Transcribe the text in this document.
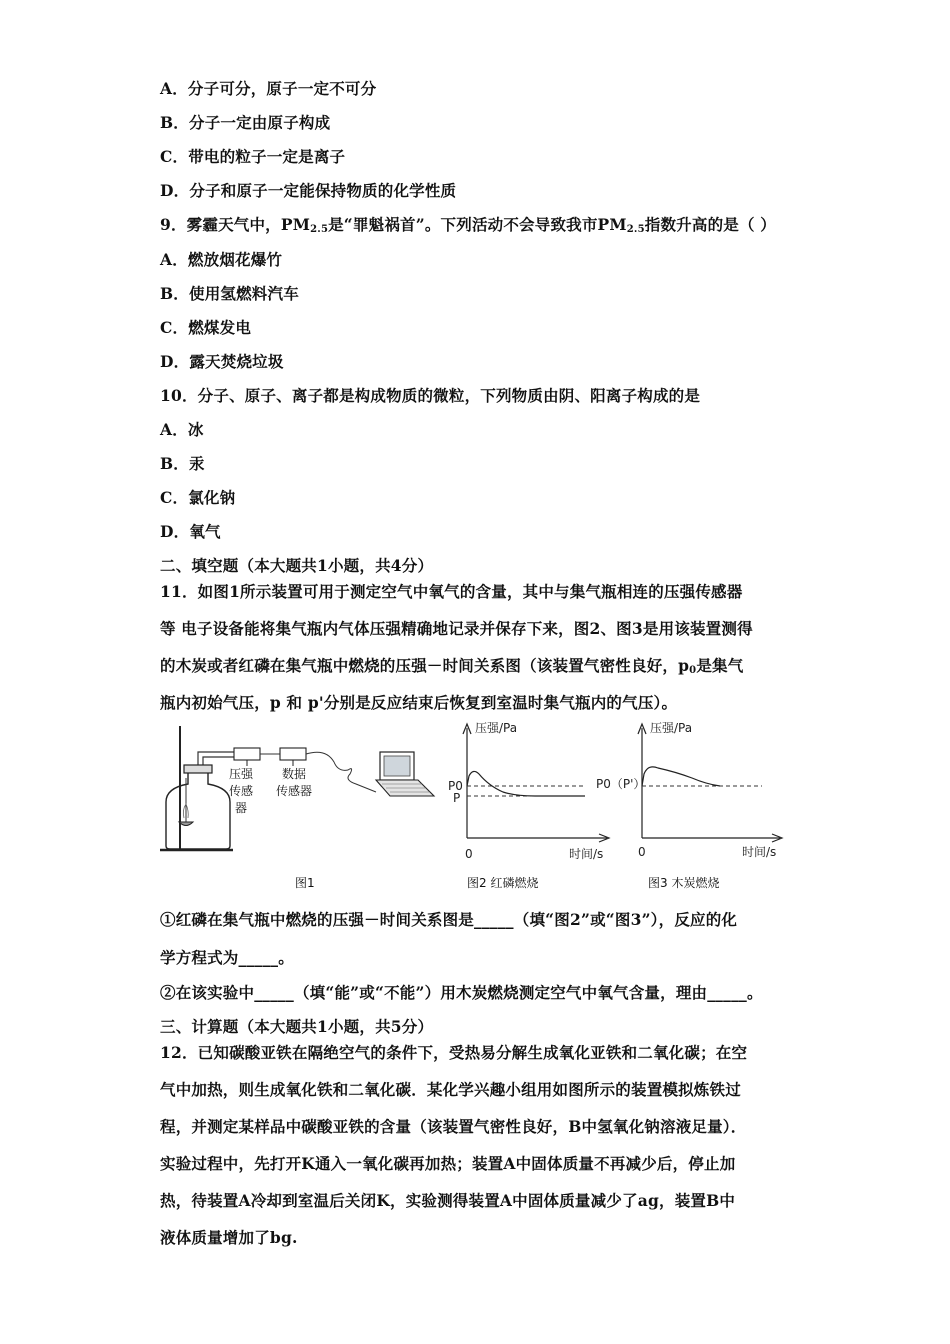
A．分子可分，原子一定不可分
B．分子一定由原子构成
C．带电的粒子一定是离子
D．分子和原子一定能保持物质的化学性质
9．雾霾天气中，$PM_{2.5}$是“罪魁祸首”。下列活动不会导致我市$PM_{2.5}$指数升高的是（ ）
A．燃放烟花爆竹
B．使用氢燃料汽车
C．燃煤发电
D．露天焚烧垃圾
10．分子、原子、离子都是构成物质的微粒，下列物质由阴、阳离子构成的是
A．冰
B．汞
C．氯化钠
D．氧气
二、填空题（本大题共1小题，共4分）
11．如图1所示装置可用于测定空气中氧气的含量，其中与集气瓶相连的压强传感器
等 电子设备能将集气瓶内气体压强精确地记录并保存下来，图2、图3是用该装置测得
的木炭或者红磷在集气瓶中燃烧的压强－时间关系图（该装置气密性良好，$p_0$是集气
瓶内初始气压，p 和 p'分别是反应结束后恢复到室温时集气瓶内的气压）。
压强
传感器
数据
传感器
图1
压强/Pa
P0
P
0	时间/s
图2 红磷燃烧
压强/Pa
P0（P'）
0	时间/s
图3 木炭燃烧
①红磷在集气瓶中燃烧的压强－时间关系图是_____（填“图2”或“图3”），反应的化
学方程式为_____。
②在该实验中_____（填“能”或“不能”）用木炭燃烧测定空气中氧气含量，理由_____。
三、计算题（本大题共1小题，共5分）
12．已知碳酸亚铁在隔绝空气的条件下，受热易分解生成氧化亚铁和二氧化碳；在空
气中加热，则生成氧化铁和二氧化碳．某化学兴趣小组用如图所示的装置模拟炼铁过
程，并测定某样品中碳酸亚铁的含量（该装置气密性良好，B中氢氧化钠溶液足量）．
实验过程中，先打开K通入一氧化碳再加热；装置A中固体质量不再减少后，停止加
热，待装置A冷却到室温后关闭K，实验测得装置A中固体质量减少了ag，装置B中
液体质量增加了bg.
